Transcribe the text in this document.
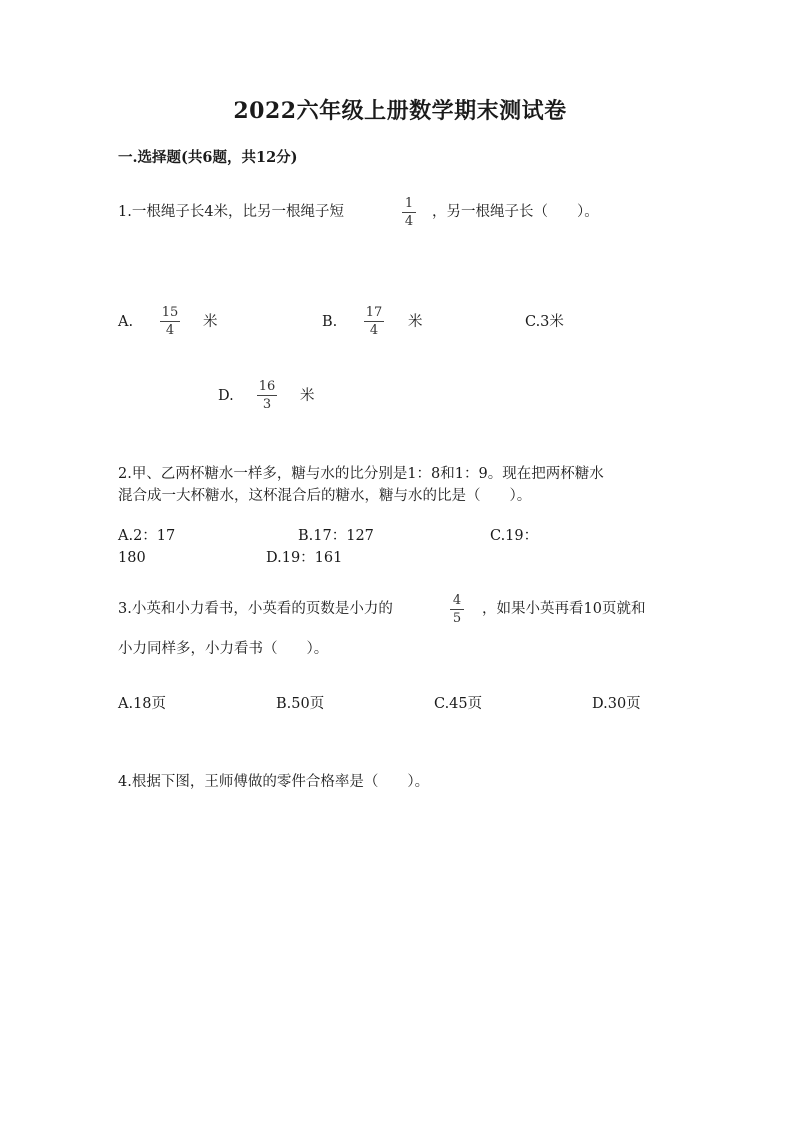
2022六年级上册数学期末测试卷
一.选择题(共6题，共12分)
1.一根绳子长4米，比另一根绳子短
1
4
，另一根绳子长（　　）。
A.
15
4
米	B.
17
4
米	C.3米
D.
16
3
米
2.甲、乙两杯糖水一样多，糖与水的比分别是1：8和1：9。现在把两杯糖水
混合成一大杯糖水，这杯混合后的糖水，糖与水的比是（　　）。
A.2：17	B.17：127	C.19：
180	D.19：161
3.小英和小力看书，小英看的页数是小力的
4
5
，如果小英再看10页就和
小力同样多，小力看书（　　）。
A.18页	B.50页	C.45页	D.30页
4.根据下图，王师傅做的零件合格率是（　　）。
